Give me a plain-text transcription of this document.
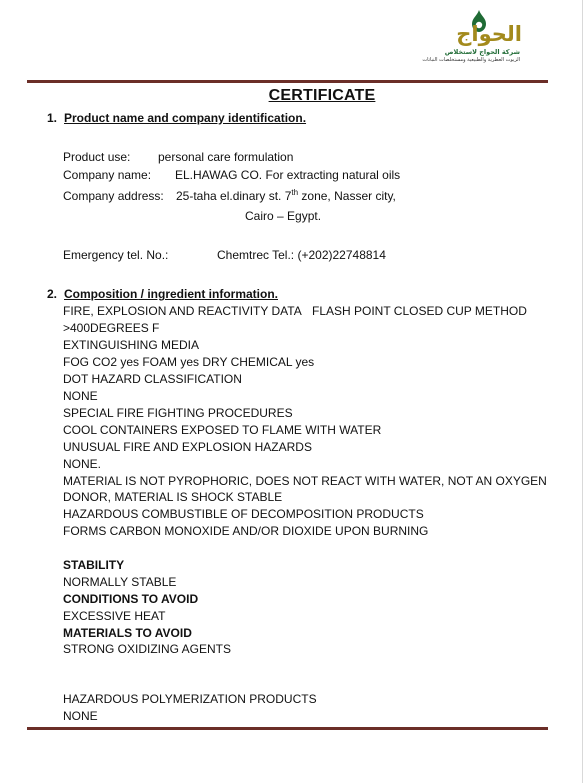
الحواج
شركة الحواج لاستخلاص
الزيوت العطرية والطبيعية ومستخلصات النباتات
CERTIFICATE
1. Product name and company identification.
Product use: personal care formulation
Company name: EL.HAWAG CO. For extracting natural oils
Company address: 25-taha el.dinary st. 7th zone, Nasser city,
Cairo – Egypt.
Emergency tel. No.:	Chemtrec Tel.: (+202)22748814
2. Composition / ingredient information.
FIRE, EXPLOSION AND REACTIVITY DATA FLASH POINT CLOSED CUP METHOD
>400DEGREES F
EXTINGUISHING MEDIA
FOG CO2 yes FOAM yes DRY CHEMICAL yes
DOT HAZARD CLASSIFICATION
NONE
SPECIAL FIRE FIGHTING PROCEDURES
COOL CONTAINERS EXPOSED TO FLAME WITH WATER
UNUSUAL FIRE AND EXPLOSION HAZARDS
NONE.
MATERIAL IS NOT PYROPHORIC, DOES NOT REACT WITH WATER, NOT AN OXYGEN
DONOR, MATERIAL IS SHOCK STABLE
HAZARDOUS COMBUSTIBLE OF DECOMPOSITION PRODUCTS
FORMS CARBON MONOXIDE AND/OR DIOXIDE UPON BURNING
STABILITY
NORMALLY STABLE
CONDITIONS TO AVOID
EXCESSIVE HEAT
MATERIALS TO AVOID
STRONG OXIDIZING AGENTS
HAZARDOUS POLYMERIZATION PRODUCTS
NONE
